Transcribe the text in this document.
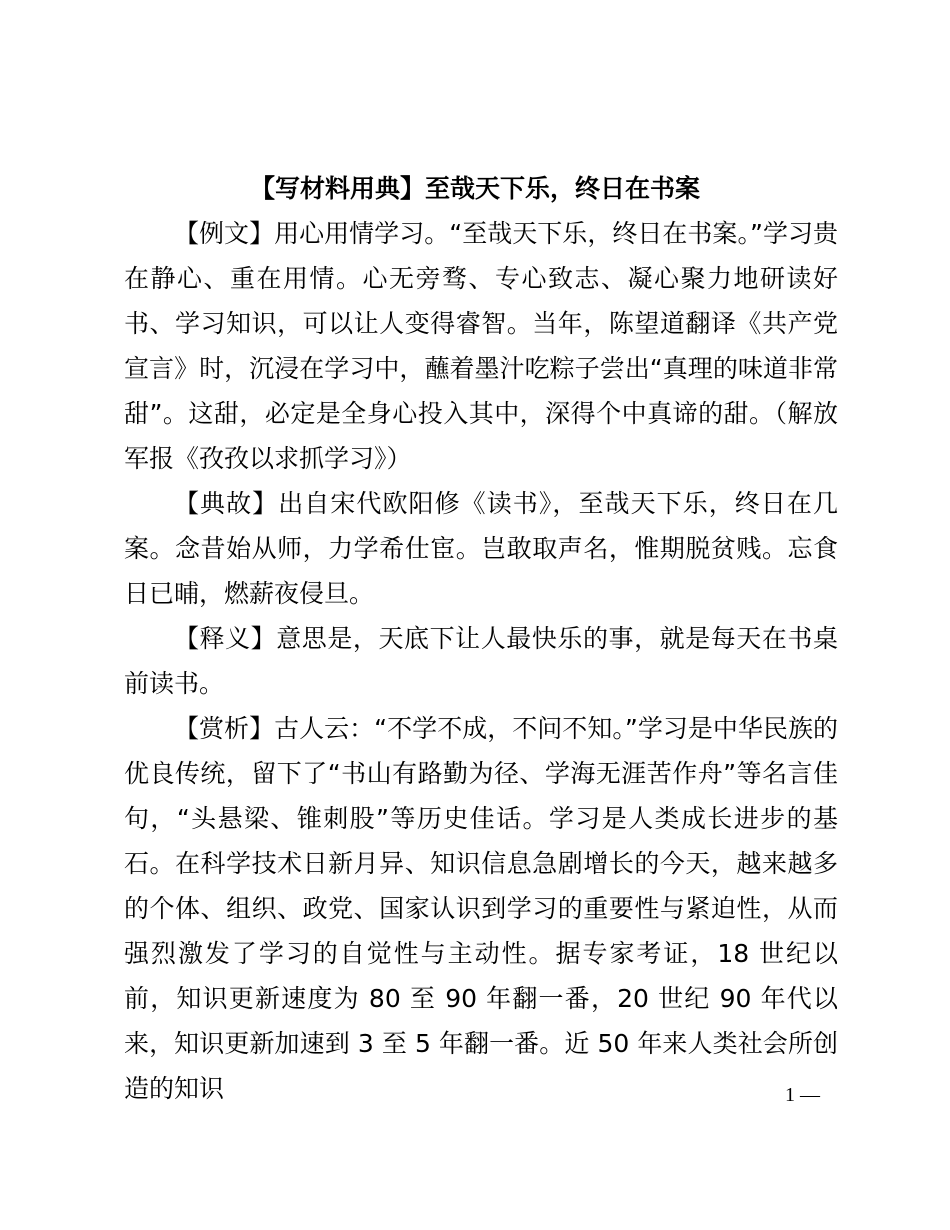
【写材料用典】至哉天下乐，终日在书案

【例文】用心用情学习。“至哉天下乐，终日在书案。”学习贵在静心、重在用情。心无旁骛、专心致志、凝心聚力地研读好书、学习知识，可以让人变得睿智。当年，陈望道翻译《共产党宣言》时，沉浸在学习中，蘸着墨汁吃粽子尝出“真理的味道非常甜”。这甜，必定是全身心投入其中，深得个中真谛的甜。（解放军报《孜孜以求抓学习》）

【典故】出自宋代欧阳修《读书》，至哉天下乐，终日在几案。念昔始从师，力学希仕宦。岂敢取声名，惟期脱贫贱。忘食日已晡，燃薪夜侵旦。

【释义】意思是，天底下让人最快乐的事，就是每天在书桌前读书。

【赏析】古人云：“不学不成，不问不知。”学习是中华民族的优良传统，留下了“书山有路勤为径、学海无涯苦作舟”等名言佳句，“头悬梁、锥刺股”等历史佳话。学习是人类成长进步的基石。在科学技术日新月异、知识信息急剧增长的今天，越来越多的个体、组织、政党、国家认识到学习的重要性与紧迫性，从而强烈激发了学习的自觉性与主动性。据专家考证，18 世纪以前，知识更新速度为 80 至 90 年翻一番，20 世纪 90 年代以来，知识更新加速到 3 至 5 年翻一番。近 50 年来人类社会所创造的知识	1 —
